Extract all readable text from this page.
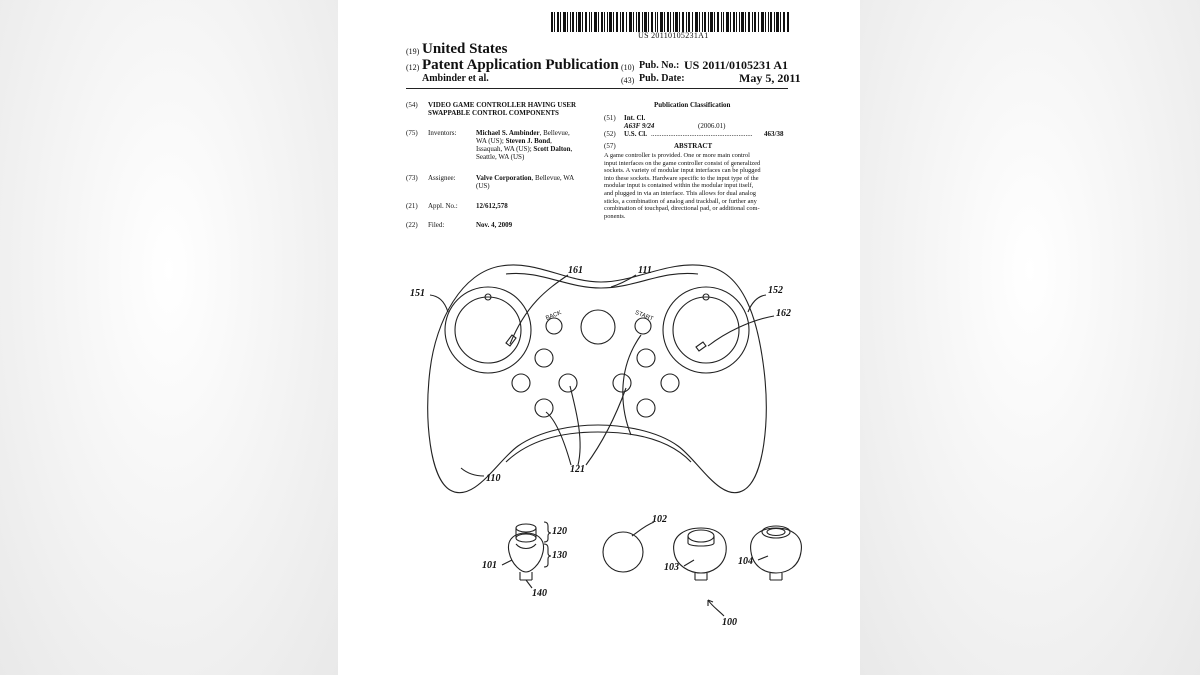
US 20110105231A1
(19) United States
(12) Patent Application Publication
Ambinder et al.
(10) Pub. No.: US 2011/0105231 A1
(43) Pub. Date:	May 5, 2011
(54) VIDEO GAME CONTROLLER HAVING USER
SWAPPABLE CONTROL COMPONENTS
(75) Inventors:	Michael S. Ambinder, Bellevue,
WA (US); Steven J. Bond,
Issaquah, WA (US); Scott Dalton,
Seattle, WA (US)
(73) Assignee:	Valve Corporation, Bellevue, WA
(US)
(21) Appl. No.:	12/612,578
(22) Filed:	Nov. 4, 2009
Publication Classification
(51) Int. Cl.
A63F 9/24	(2006.01)
(52) U.S. Cl. ..........................................................	463/38
(57)	ABSTRACT
A game controller is provided. One or more main control
input interfaces on the game controller consist of generalized
sockets. A variety of modular input interfaces can be plugged
into these sockets. Hardware specific to the input type of the
modular input is contained within the modular input itself,
and plugged in via an interface. This allows for dual analog
sticks, a combination of analog and trackball, or further any
combination of touchpad, directional pad, or additional com-
ponents.
BACK	START
161	111
151	152
162
121
110
120
130
140
101
102
103
104
100
